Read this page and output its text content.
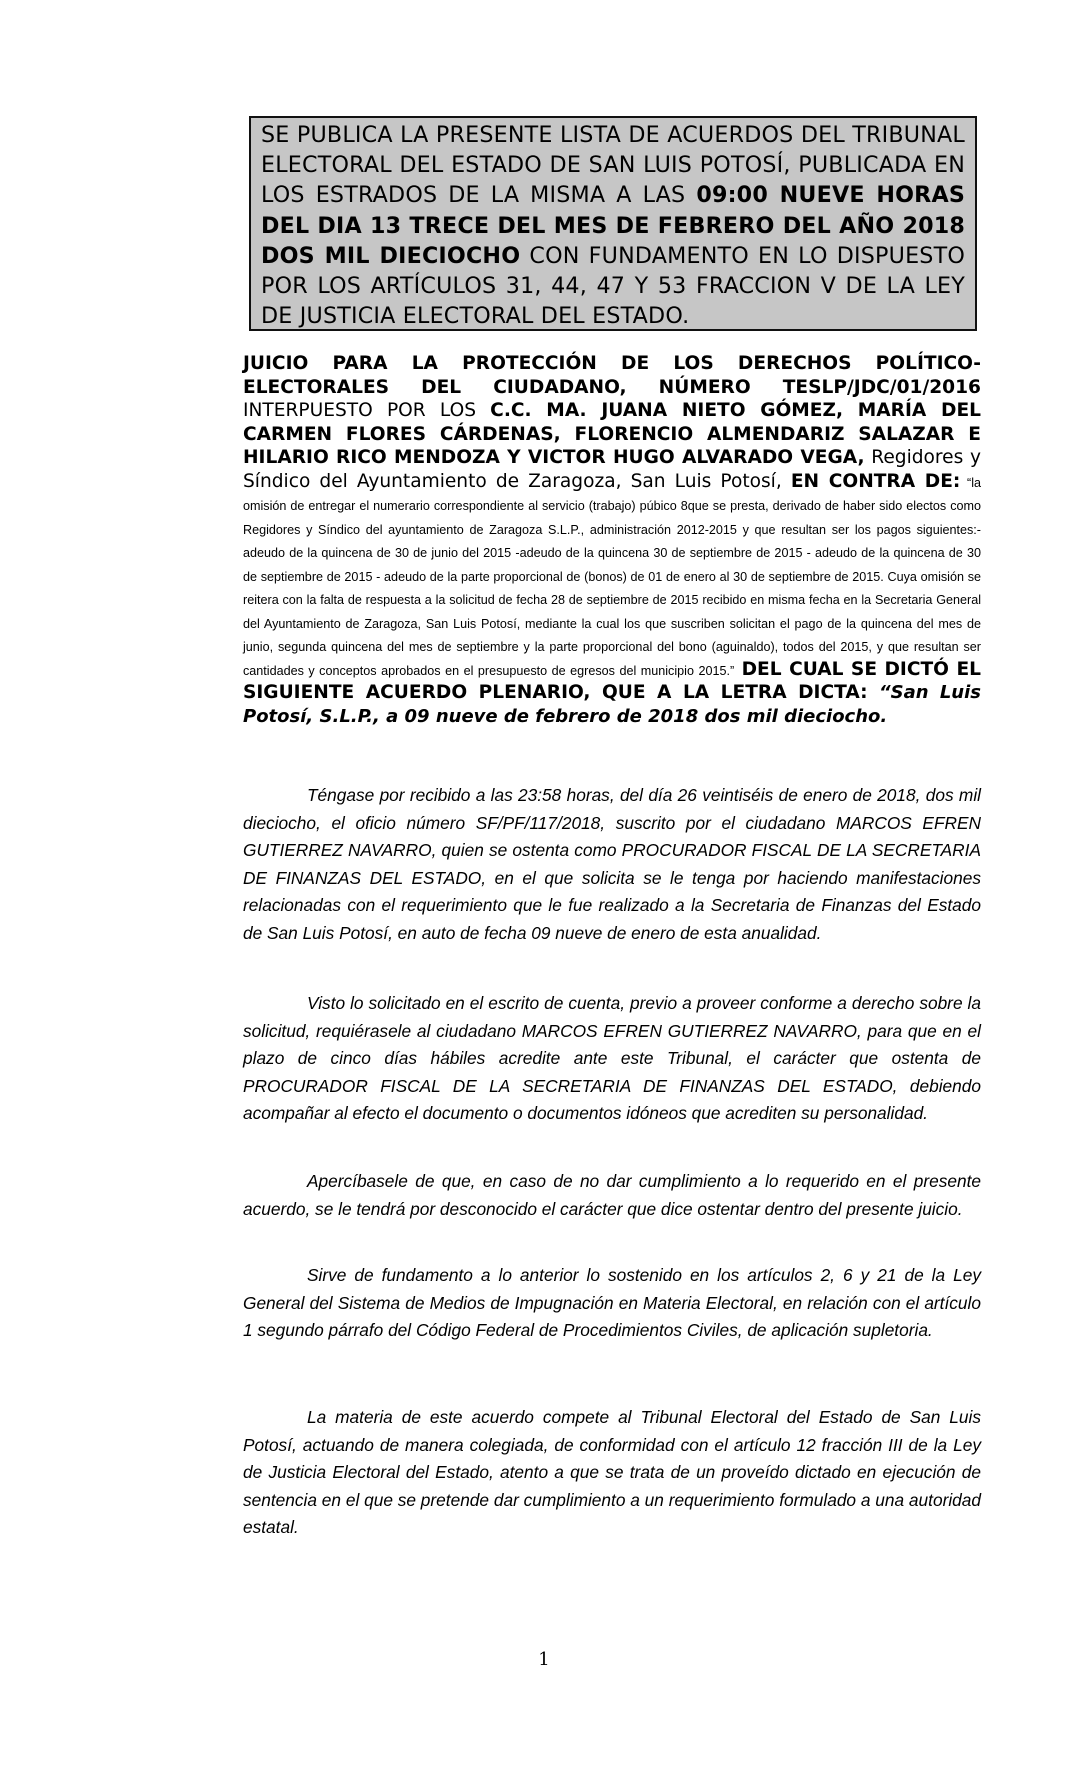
SE PUBLICA LA PRESENTE LISTA DE ACUERDOS DEL TRIBUNAL ELECTORAL DEL ESTADO DE SAN LUIS POTOSÍ, PUBLICADA EN LOS ESTRADOS DE LA MISMA A LAS 09:00 NUEVE HORAS DEL DIA 13 TRECE DEL MES DE FEBRERO DEL AÑO 2018 DOS MIL DIECIOCHO CON FUNDAMENTO EN LO DISPUESTO POR LOS ARTÍCULOS 31, 44, 47 Y 53 FRACCION V DE LA LEY DE JUSTICIA ELECTORAL DEL ESTADO.
JUICIO PARA LA PROTECCIÓN DE LOS DERECHOS POLÍTICO-ELECTORALES DEL CIUDADANO, NÚMERO TESLP/JDC/01/2016 INTERPUESTO POR LOS C.C. MA. JUANA NIETO GÓMEZ, MARÍA DEL CARMEN FLORES CÁRDENAS, FLORENCIO ALMENDARIZ SALAZAR E HILARIO RICO MENDOZA Y VICTOR HUGO ALVARADO VEGA, Regidores y Síndico del Ayuntamiento de Zaragoza, San Luis Potosí, EN CONTRA DE: “la omisión de entregar el numerario correspondiente al servicio (trabajo) púbico 8que se presta, derivado de haber sido electos como Regidores y Síndico del ayuntamiento de Zaragoza S.L.P., administración 2012-2015 y que resultan ser los pagos siguientes:- adeudo de la quincena de 30 de junio del 2015 -adeudo de la quincena 30 de septiembre de 2015 - adeudo de la quincena de 30 de septiembre de 2015 - adeudo de la parte proporcional de (bonos) de 01 de enero al 30 de septiembre de 2015. Cuya omisión se reitera con la falta de respuesta a la solicitud de fecha 28 de septiembre de 2015 recibido en misma fecha en la Secretaria General del Ayuntamiento de Zaragoza, San Luis Potosí, mediante la cual los que suscriben solicitan el pago de la quincena del mes de junio, segunda quincena del mes de septiembre y la parte proporcional del bono (aguinaldo), todos del 2015, y que resultan ser cantidades y conceptos aprobados en el presupuesto de egresos del municipio 2015.” DEL CUAL SE DICTÓ EL SIGUIENTE ACUERDO PLENARIO, QUE A LA LETRA DICTA: “San Luis Potosí, S.L.P., a 09 nueve de febrero de 2018 dos mil dieciocho.

Téngase por recibido a las 23:58 horas, del día 26 veintiséis de enero de 2018, dos mil dieciocho, el oficio número SF/PF/117/2018, suscrito por el ciudadano MARCOS EFREN GUTIERREZ NAVARRO, quien se ostenta como PROCURADOR FISCAL DE LA SECRETARIA DE FINANZAS DEL ESTADO, en el que solicita se le tenga por haciendo manifestaciones relacionadas con el requerimiento que le fue realizado a la Secretaria de Finanzas del Estado de San Luis Potosí, en auto de fecha 09 nueve de enero de esta anualidad.

Visto lo solicitado en el escrito de cuenta, previo a proveer conforme a derecho sobre la solicitud, requiérasele al ciudadano MARCOS EFREN GUTIERREZ NAVARRO, para que en el plazo de cinco días hábiles acredite ante este Tribunal, el carácter que ostenta de PROCURADOR FISCAL DE LA SECRETARIA DE FINANZAS DEL ESTADO, debiendo acompañar al efecto el documento o documentos idóneos que acrediten su personalidad.

Apercíbasele de que, en caso de no dar cumplimiento a lo requerido en el presente acuerdo, se le tendrá por desconocido el carácter que dice ostentar dentro del presente juicio.

Sirve de fundamento a lo anterior lo sostenido en los artículos 2, 6 y 21 de la Ley General del Sistema de Medios de Impugnación en Materia Electoral, en relación con el artículo 1 segundo párrafo del Código Federal de Procedimientos Civiles, de aplicación supletoria.

La materia de este acuerdo compete al Tribunal Electoral del Estado de San Luis Potosí, actuando de manera colegiada, de conformidad con el artículo 12 fracción III de la Ley de Justicia Electoral del Estado, atento a que se trata de un proveído dictado en ejecución de sentencia en el que se pretende dar cumplimiento a un requerimiento formulado a una autoridad estatal.

1
